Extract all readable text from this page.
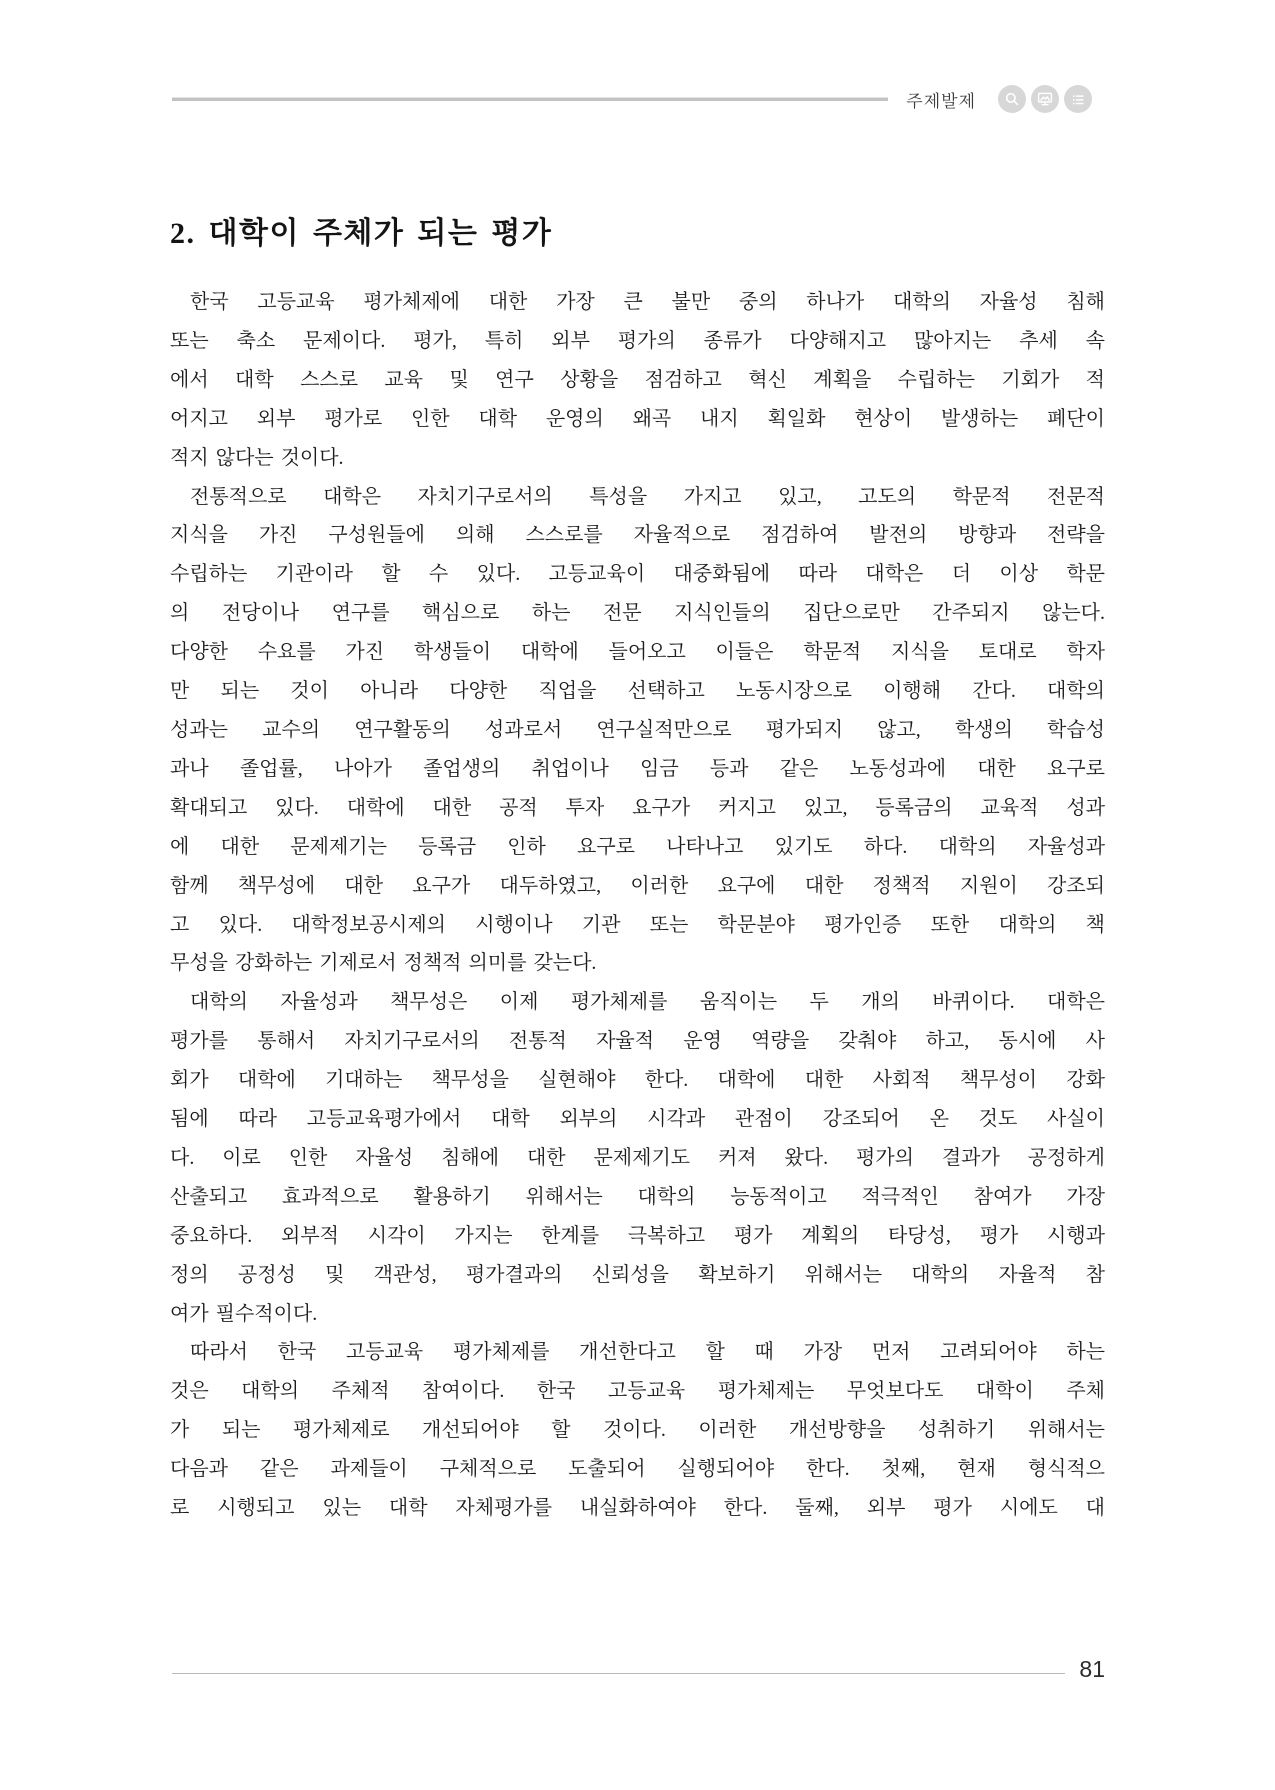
주제발제
2. 대학이 주체가 되는 평가
한국 고등교육 평가체제에 대한 가장 큰 불만 중의 하나가 대학의 자율성 침해
또는 축소 문제이다. 평가, 특히 외부 평가의 종류가 다양해지고 많아지는 추세 속
에서 대학 스스로 교육 및 연구 상황을 점검하고 혁신 계획을 수립하는 기회가 적
어지고 외부 평가로 인한 대학 운영의 왜곡 내지 획일화 현상이 발생하는 폐단이
적지 않다는 것이다.
전통적으로 대학은 자치기구로서의 특성을 가지고 있고, 고도의 학문적 전문적
지식을 가진 구성원들에 의해 스스로를 자율적으로 점검하여 발전의 방향과 전략을
수립하는 기관이라 할 수 있다. 고등교육이 대중화됨에 따라 대학은 더 이상 학문
의 전당이나 연구를 핵심으로 하는 전문 지식인들의 집단으로만 간주되지 않는다.
다양한 수요를 가진 학생들이 대학에 들어오고 이들은 학문적 지식을 토대로 학자
만 되는 것이 아니라 다양한 직업을 선택하고 노동시장으로 이행해 간다. 대학의
성과는 교수의 연구활동의 성과로서 연구실적만으로 평가되지 않고, 학생의 학습성
과나 졸업률, 나아가 졸업생의 취업이나 임금 등과 같은 노동성과에 대한 요구로
확대되고 있다. 대학에 대한 공적 투자 요구가 커지고 있고, 등록금의 교육적 성과
에 대한 문제제기는 등록금 인하 요구로 나타나고 있기도 하다. 대학의 자율성과
함께 책무성에 대한 요구가 대두하였고, 이러한 요구에 대한 정책적 지원이 강조되
고 있다. 대학정보공시제의 시행이나 기관 또는 학문분야 평가인증 또한 대학의 책
무성을 강화하는 기제로서 정책적 의미를 갖는다.
대학의 자율성과 책무성은 이제 평가체제를 움직이는 두 개의 바퀴이다. 대학은
평가를 통해서 자치기구로서의 전통적 자율적 운영 역량을 갖춰야 하고, 동시에 사
회가 대학에 기대하는 책무성을 실현해야 한다. 대학에 대한 사회적 책무성이 강화
됨에 따라 고등교육평가에서 대학 외부의 시각과 관점이 강조되어 온 것도 사실이
다. 이로 인한 자율성 침해에 대한 문제제기도 커져 왔다. 평가의 결과가 공정하게
산출되고 효과적으로 활용하기 위해서는 대학의 능동적이고 적극적인 참여가 가장
중요하다. 외부적 시각이 가지는 한계를 극복하고 평가 계획의 타당성, 평가 시행과
정의 공정성 및 객관성, 평가결과의 신뢰성을 확보하기 위해서는 대학의 자율적 참
여가 필수적이다.
따라서 한국 고등교육 평가체제를 개선한다고 할 때 가장 먼저 고려되어야 하는
것은 대학의 주체적 참여이다. 한국 고등교육 평가체제는 무엇보다도 대학이 주체
가 되는 평가체제로 개선되어야 할 것이다. 이러한 개선방향을 성취하기 위해서는
다음과 같은 과제들이 구체적으로 도출되어 실행되어야 한다. 첫째, 현재 형식적으
로 시행되고 있는 대학 자체평가를 내실화하여야 한다. 둘째, 외부 평가 시에도 대
81
